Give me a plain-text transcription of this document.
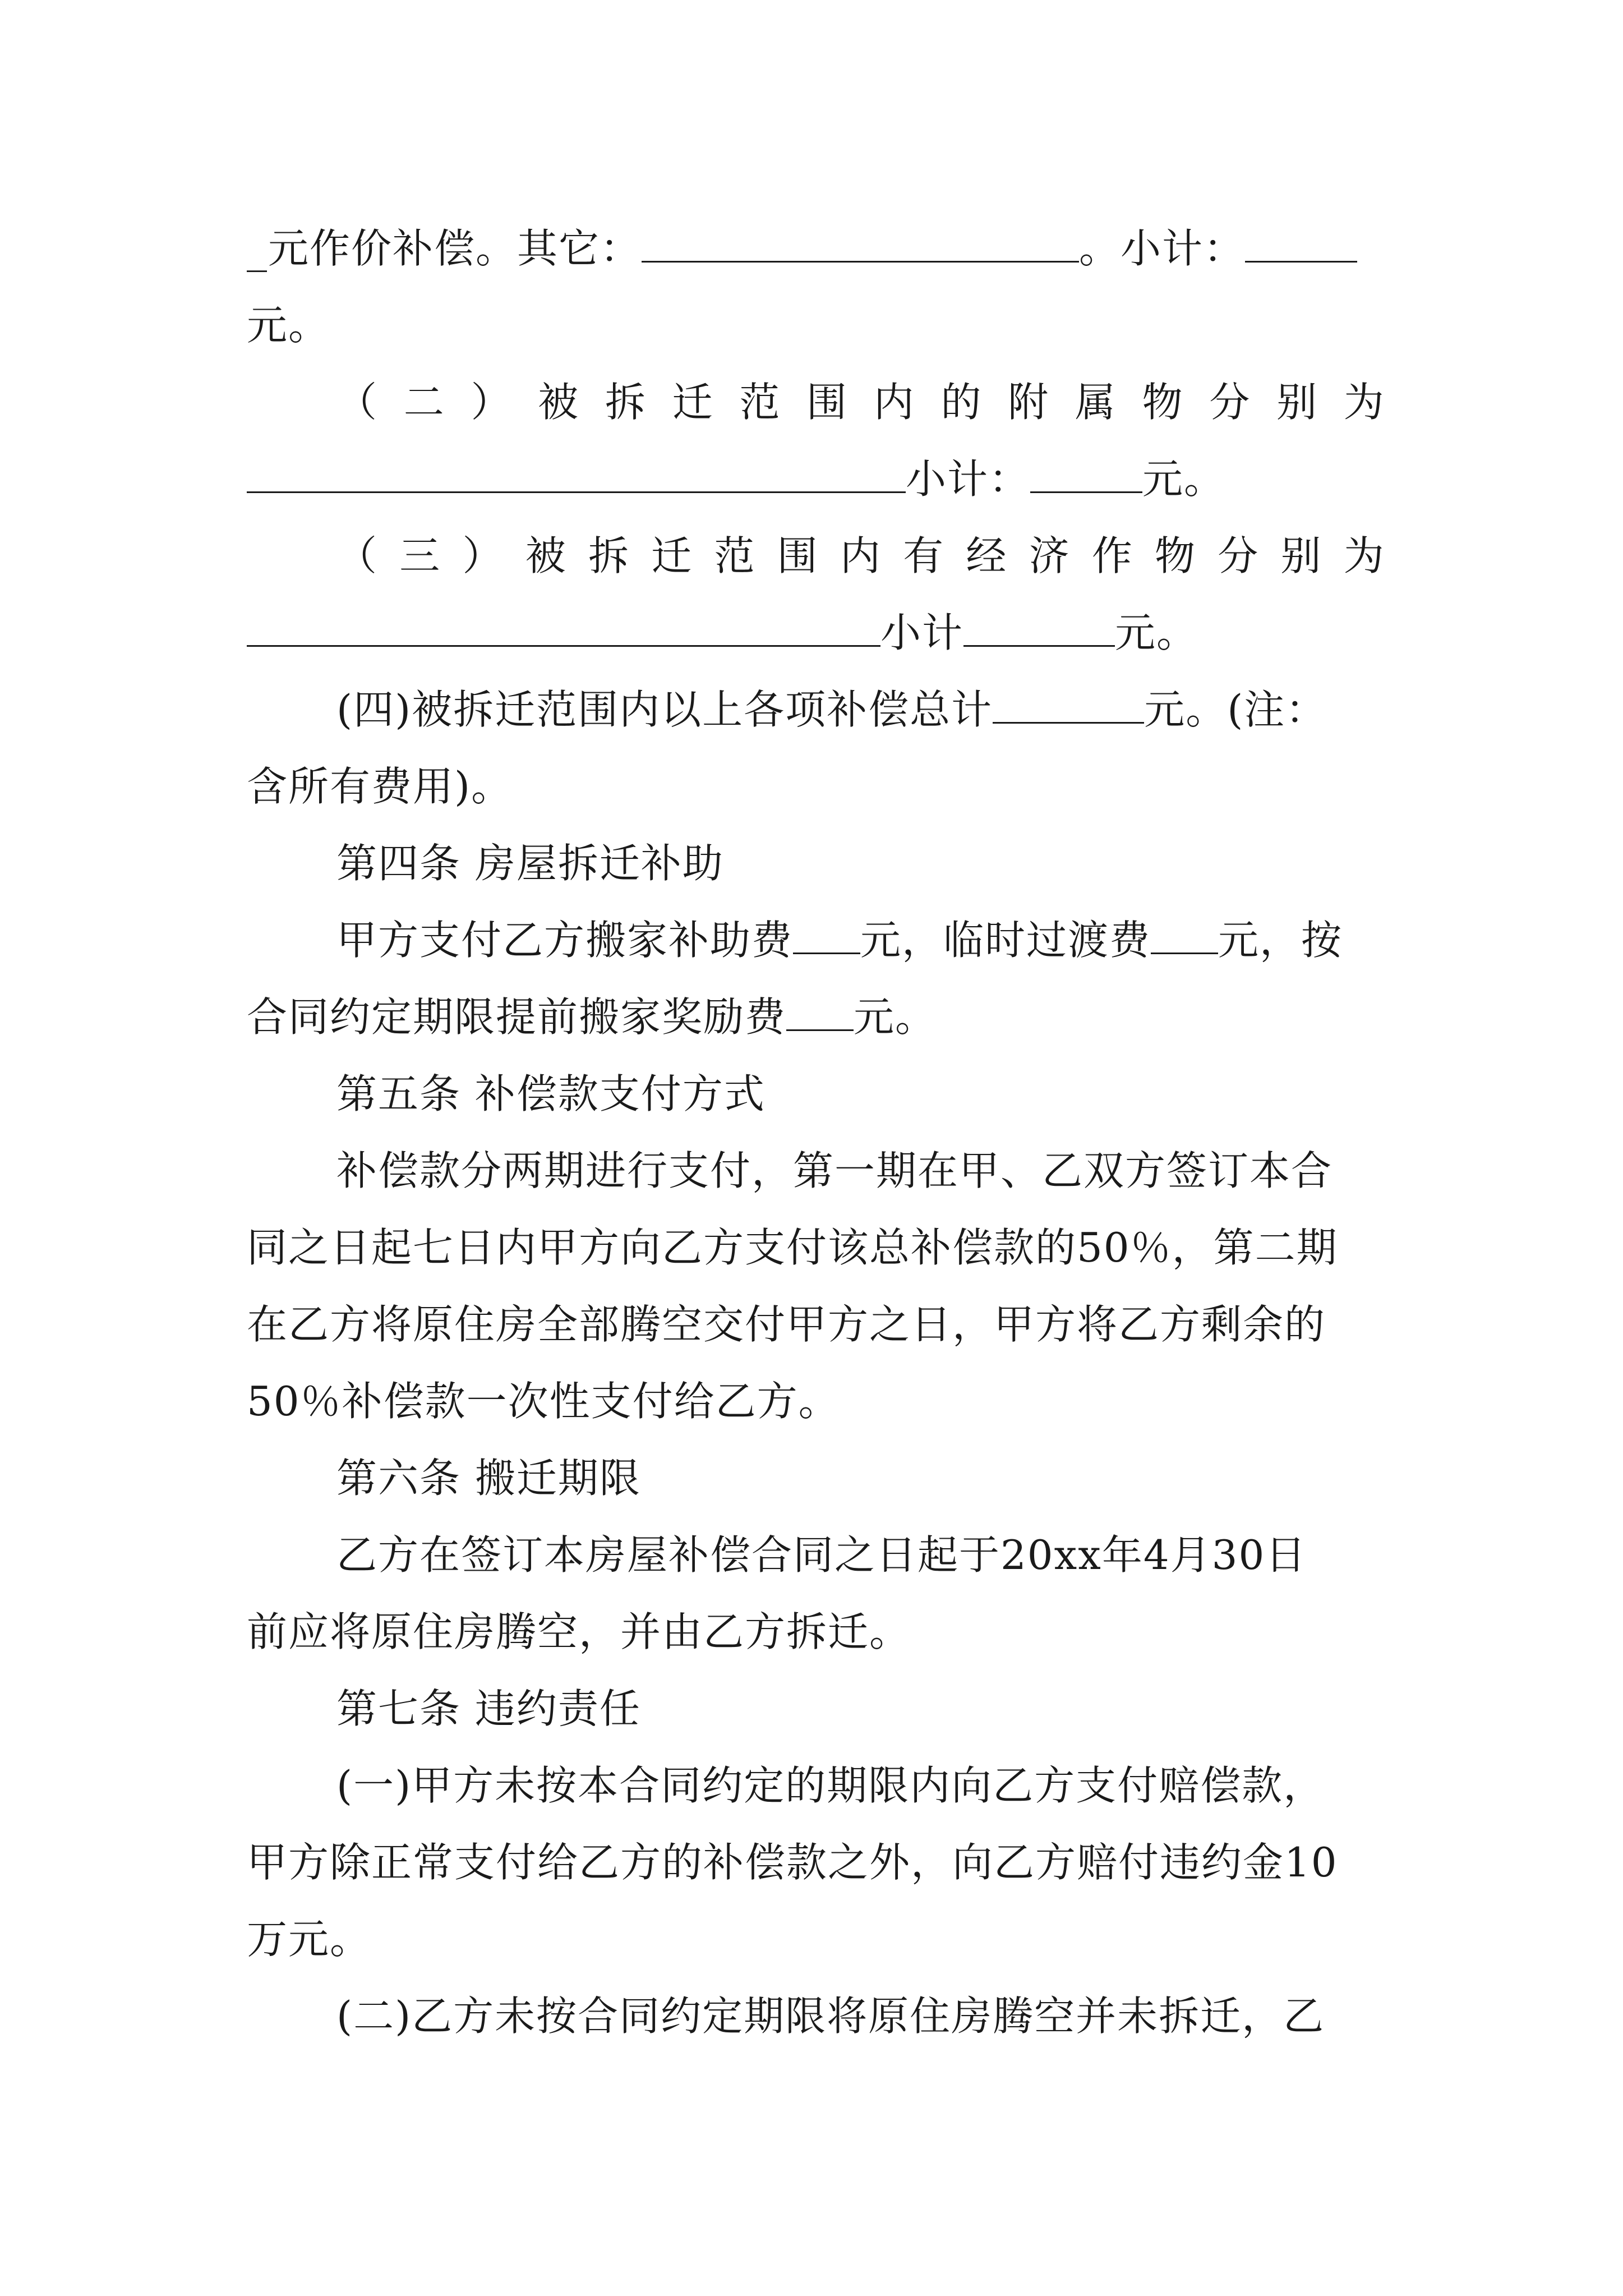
_元作价补偿。其它：	。小计：
元。
（ 二 ） 被 拆 迁 范 围 内 的 附 属 物 分 别 为
小计：	元。
（ 三 ） 被 拆 迁 范 围 内 有 经 济 作 物 分 别 为
小计	元。
(四)被拆迁范围内以上各项补偿总计	元。(注：
含所有费用)。
第四条 房屋拆迁补助
甲方支付乙方搬家补助费 元，临时过渡费 元，按
合同约定期限提前搬家奖励费 元。
第五条 补偿款支付方式
补偿款分两期进行支付，第一期在甲、乙双方签订本合
同之日起七日内甲方向乙方支付该总补偿款的50％，第二期
在乙方将原住房全部腾空交付甲方之日，甲方将乙方剩余的
50％补偿款一次性支付给乙方。
第六条 搬迁期限
乙方在签订本房屋补偿合同之日起于20xx年4月30日
前应将原住房腾空，并由乙方拆迁。
第七条 违约责任
(一)甲方未按本合同约定的期限内向乙方支付赔偿款，
甲方除正常支付给乙方的补偿款之外，向乙方赔付违约金10
万元。
(二)乙方未按合同约定期限将原住房腾空并未拆迁，乙
